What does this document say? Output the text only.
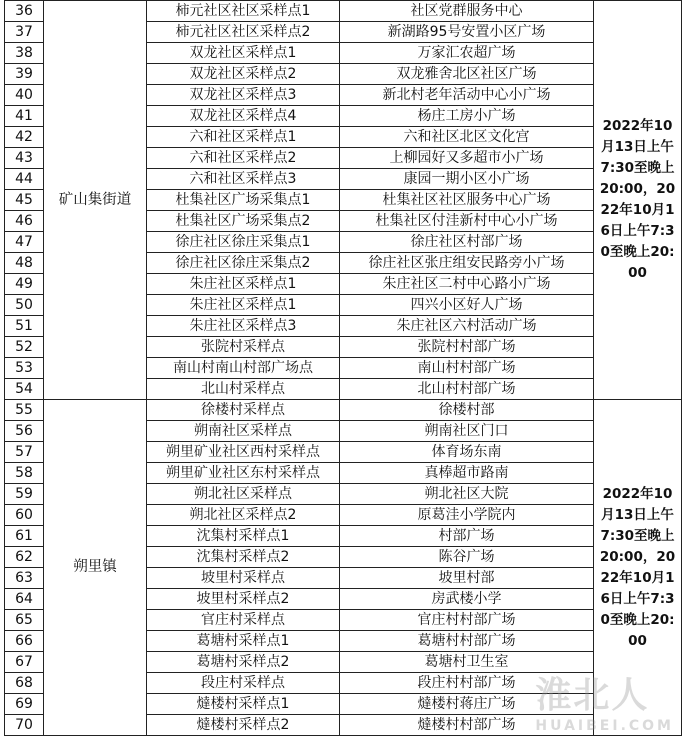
36	矿山集街道	柿元社区社区采样点1	社区党群服务中心	2022年10月13日上午7:30至晚上20:00，2022年10月16日上午7:30至晚上20:00
37		柿元社区社区采样点2	新湖路95号安置小区广场	
38		双龙社区采样点1	万家汇农超广场	
39		双龙社区采样点2	双龙雅舍北区社区广场	
40		双龙社区采样点3	新北村老年活动中心小广场	
41		双龙社区采样点4	杨庄工房小广场	
42		六和社区采样点1	六和社区北区文化宫	
43		六和社区采样点2	上柳园好又多超市小广场	
44		六和社区采样点3	康园一期小区小广场	
45		杜集社区广场采集点1	杜集社区社区服务中心广场	
46		杜集社区广场采集点2	杜集社区付洼新村中心小广场	
47		徐庄社区徐庄采集点1	徐庄社区村部广场	
48		徐庄社区徐庄采集点2	徐庄社区张庄组安民路旁小广场	
49		朱庄社区采样点1	朱庄社区二村中心路小广场	
50		朱庄社区采样点1	四兴小区好人广场	
51		朱庄社区采样点3	朱庄社区六村活动广场	
52		张院村采样点	张院村村部广场	
53		南山村南山村部广场点	南山村村部广场	
54		北山村采样点	北山村村部广场	
55	朔里镇	徐楼村采样点	徐楼村部	2022年10月13日上午7:30至晚上20:00，2022年10月16日上午7:30至晚上20:00
56		朔南社区采样点	朔南社区门口	
57		朔里矿业社区西村采样点	体育场东南	
58		朔里矿业社区东村采样点	真棒超市路南	
59		朔北社区采样点	朔北社区大院	
60		朔北社区采样点2	原葛洼小学院内	
61		沈集村采样点1	村部广场	
62		沈集村采样点2	陈谷广场	
63		坡里村采样点	坡里村部	
64		坡里村采样点2	房武楼小学	
65		官庄村采样点	官庄村村部广场	
66		葛塘村采样点1	葛塘村村部广场	
67		葛塘村采样点2	葛塘村卫生室	
68		段庄村采样点	段庄村村部广场	
69		燵楼村采样点1	燵楼村蒋庄广场	
70		燵楼村采样点2	燵楼村村部广场	
淮北人
HUAIBEI.COM
